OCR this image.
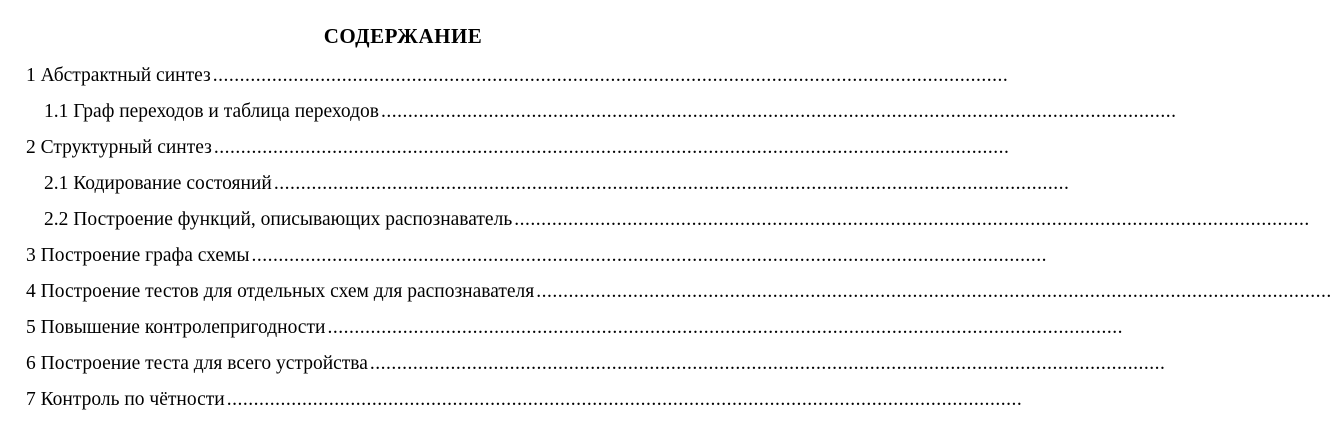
СОДЕРЖАНИЕ
1 Абстрактный синтез ....................................................................................................................................................
1.1 Граф переходов и таблица переходов ....................................................................................................................................................
2 Структурный синтез ....................................................................................................................................................
2.1 Кодирование состояний ....................................................................................................................................................
2.2 Построение функций, описывающих распознаватель ....................................................................................................................................................
3 Построение графа схемы ....................................................................................................................................................
4 Построение тестов для отдельных схем для распознавателя ....................................................................................................................................................
5 Повышение контролепригодности ....................................................................................................................................................
6 Построение теста для всего устройства ....................................................................................................................................................
7 Контроль по чётности ....................................................................................................................................................
